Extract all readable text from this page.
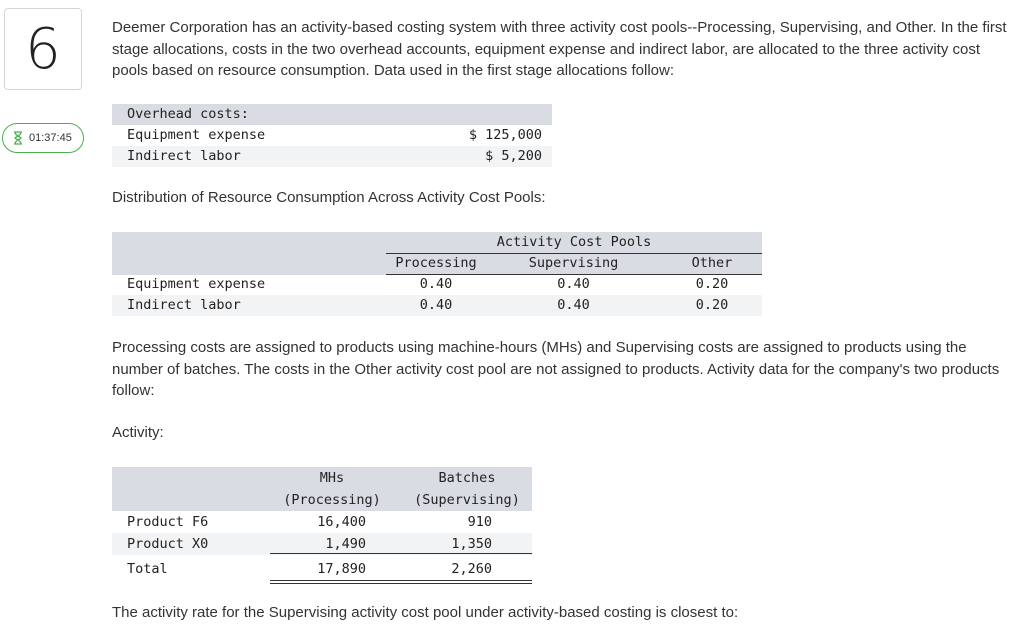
6
01:37:45
Deemer Corporation has an activity-based costing system with three activity cost pools--Processing, Supervising, and Other. In the first stage allocations, costs in the two overhead accounts, equipment expense and indirect labor, are allocated to the three activity cost pools based on resource consumption. Data used in the first stage allocations follow:
Overhead costs:
Equipment expense	$ 125,000
Indirect labor	$ 5,200
Distribution of Resource Consumption Across Activity Cost Pools:
Activity Cost Pools
Processing	Supervising	Other
Equipment expense	0.40	0.40	0.20
Indirect labor	0.40	0.40	0.20
Processing costs are assigned to products using machine-hours (MHs) and Supervising costs are assigned to products using the number of batches. The costs in the Other activity cost pool are not assigned to products. Activity data for the company's two products follow:
Activity:
MHs	Batches
(Processing)	(Supervising)
Product F6	16,400	910
Product X0	1,490	1,350
Total	17,890	2,260
The activity rate for the Supervising activity cost pool under activity-based costing is closest to:
